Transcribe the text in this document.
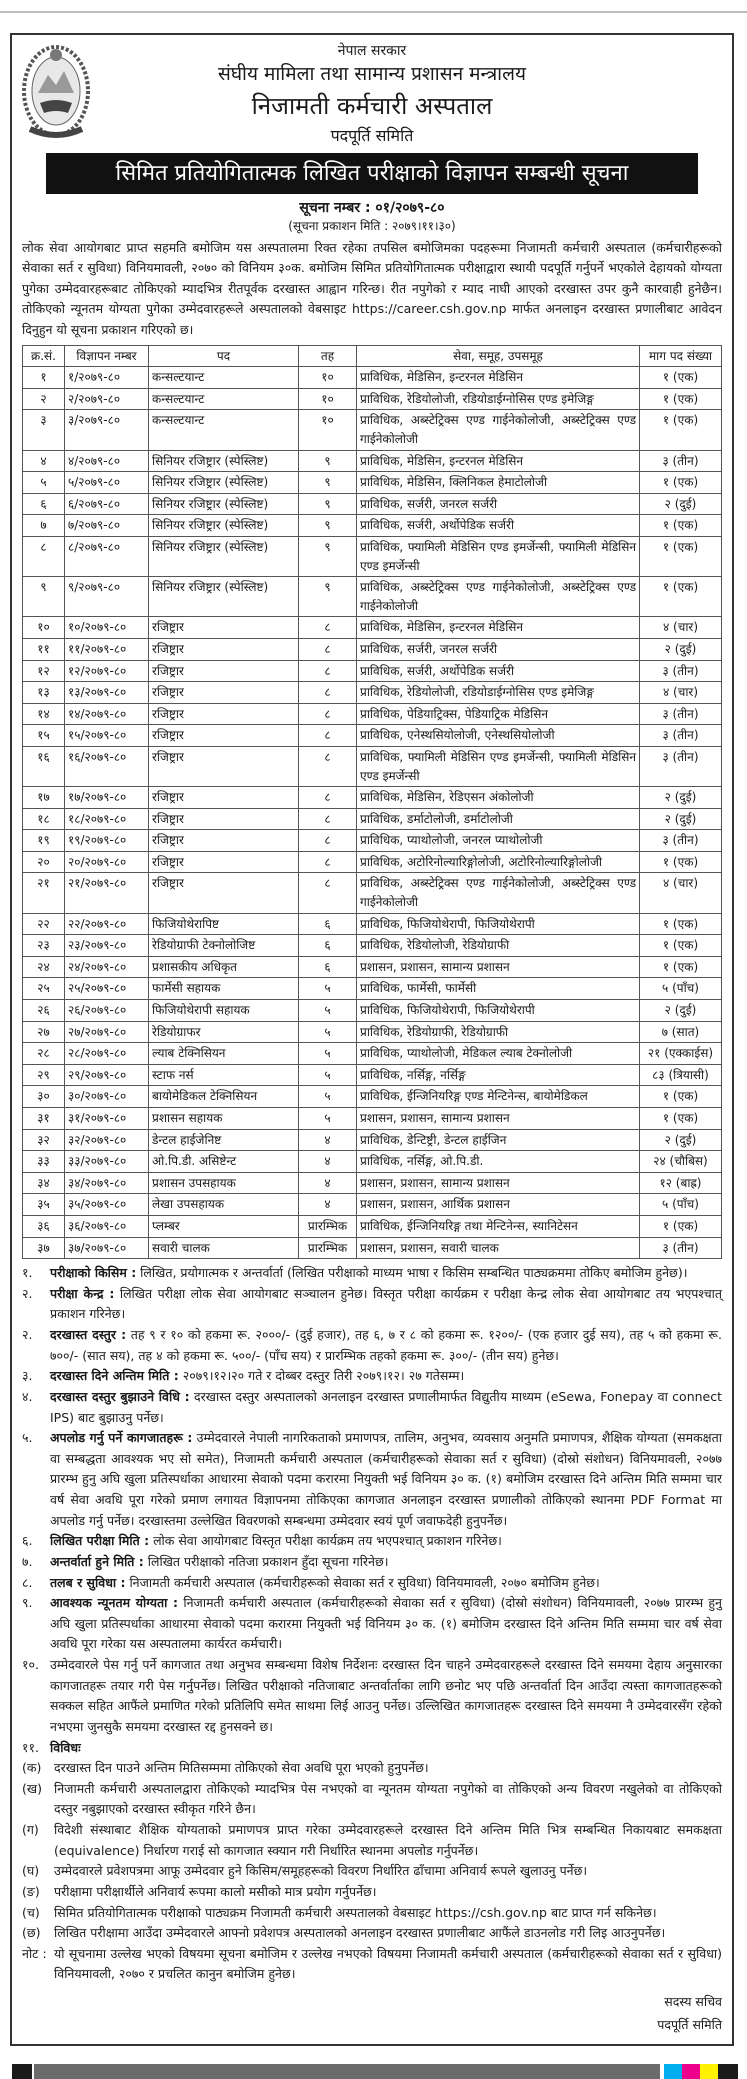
नेपाल सरकार
संघीय मामिला तथा सामान्य प्रशासन मन्त्रालय
निजामती कर्मचारी अस्पताल
पदपूर्ति समिति
सिमित प्रतियोगितात्मक लिखित परीक्षाको विज्ञापन सम्बन्धी सूचना
सूचना नम्बर : ०१/२०७९-८०
(सूचना प्रकाशन मिति : २०७९।११।३०)
लोक सेवा आयोगबाट प्राप्त सहमति बमोजिम यस अस्पतालमा रिक्त रहेका तपसिल बमोजिमका पदहरूमा निजामती कर्मचारी अस्पताल (कर्मचारीहरूको सेवाका सर्त र सुविधा) विनियमावली, २०७० को विनियम ३०क. बमोजिम सिमित प्रतियोगितात्मक परीक्षाद्वारा स्थायी पदपूर्ति गर्नुपर्ने भएकोले देहायको योग्यता पुगेका उम्मेदवारहरूबाट तोकिएको म्यादभित्र रीतपूर्वक दरखास्त आह्वान गरिन्छ। रीत नपुगेको र म्याद नाघी आएको दरखास्त उपर कुनै कारवाही हुनेछैन। तोकिएको न्यूनतम योग्यता पुगेका उम्मेदवारहरूले अस्पतालको वेबसाइट https://career.csh.gov.np मार्फत अनलाइन दरखास्त प्रणालीबाट आवेदन दिनुहुन यो सूचना प्रकाशन गरिएको छ।
क्र.सं.	विज्ञापन नम्बर	पद	तह	सेवा, समूह, उपसमूह	माग पद संख्या
१	१/२०७९-८०	कन्सल्टयान्ट	१०	प्राविधिक, मेडिसिन, इन्टरनल मेडिसिन	१ (एक)
२	२/२०७९-८०	कन्सल्टयान्ट	१०	प्राविधिक, रेडियोलोजी, रडियोडाईग्नोसिस एण्ड इमेजिङ्ग	१ (एक)
३	३/२०७९-८०	कन्सल्टयान्ट	१०	प्राविधिक, अब्स्टेट्रिक्स एण्ड गाईनेकोलोजी, अब्स्टेट्रिक्स एण्ड गाईनेकोलोजी	१ (एक)
४	४/२०७९-८०	सिनियर रजिष्ट्रार (स्पेस्लिष्ट)	९	प्राविधिक, मेडिसिन, इन्टरनल मेडिसिन	३ (तीन)
५	५/२०७९-८०	सिनियर रजिष्ट्रार (स्पेस्लिष्ट)	९	प्राविधिक, मेडिसिन, क्लिनिकल हेमाटोलोजी	१ (एक)
६	६/२०७९-८०	सिनियर रजिष्ट्रार (स्पेस्लिष्ट)	९	प्राविधिक, सर्जरी, जनरल सर्जरी	२ (दुई)
७	७/२०७९-८०	सिनियर रजिष्ट्रार (स्पेस्लिष्ट)	९	प्राविधिक, सर्जरी, अर्थोपेडिक सर्जरी	१ (एक)
८	८/२०७९-८०	सिनियर रजिष्ट्रार (स्पेस्लिष्ट)	९	प्राविधिक, फ्यामिली मेडिसिन एण्ड इमर्जेन्सी, फ्यामिली मेडिसिन एण्ड इमर्जेन्सी	१ (एक)
९	९/२०७९-८०	सिनियर रजिष्ट्रार (स्पेस्लिष्ट)	९	प्राविधिक, अब्स्टेट्रिक्स एण्ड गाईनेकोलोजी, अब्स्टेट्रिक्स एण्ड गाईनेकोलोजी	१ (एक)
१०	१०/२०७९-८०	रजिष्ट्रार	८	प्राविधिक, मेडिसिन, इन्टरनल मेडिसिन	४ (चार)
११	११/२०७९-८०	रजिष्ट्रार	८	प्राविधिक, सर्जरी, जनरल सर्जरी	२ (दुई)
१२	१२/२०७९-८०	रजिष्ट्रार	८	प्राविधिक, सर्जरी, अर्थोपेडिक सर्जरी	३ (तीन)
१३	१३/२०७९-८०	रजिष्ट्रार	८	प्राविधिक, रेडियोलोजी, रडियोडाईग्नोसिस एण्ड इमेजिङ्ग	४ (चार)
१४	१४/२०७९-८०	रजिष्ट्रार	८	प्राविधिक, पेडियाट्रिक्स, पेडियाट्रिक मेडिसिन	३ (तीन)
१५	१५/२०७९-८०	रजिष्ट्रार	८	प्राविधिक, एनेस्थसियोलोजी, एनेस्थसियोलोजी	३ (तीन)
१६	१६/२०७९-८०	रजिष्ट्रार	८	प्राविधिक, फ्यामिली मेडिसिन एण्ड इमर्जेन्सी, फ्यामिली मेडिसिन एण्ड इमर्जेन्सी	३ (तीन)
१७	१७/२०७९-८०	रजिष्ट्रार	८	प्राविधिक, मेडिसिन, रेडिएसन अंकोलोजी	२ (दुई)
१८	१८/२०७९-८०	रजिष्ट्रार	८	प्राविधिक, डर्माटोलोजी, डर्माटोलोजी	२ (दुई)
१९	१९/२०७९-८०	रजिष्ट्रार	८	प्राविधिक, प्याथोलोजी, जनरल प्याथोलोजी	३ (तीन)
२०	२०/२०७९-८०	रजिष्ट्रार	८	प्राविधिक, अटोरिनोल्यारिङ्गोलोजी, अटोरिनोल्यारिङ्गोलोजी	१ (एक)
२१	२१/२०७९-८०	रजिष्ट्रार	८	प्राविधिक, अब्स्टेट्रिक्स एण्ड गाईनेकोलोजी, अब्स्टेट्रिक्स एण्ड गाईनेकोलोजी	४ (चार)
२२	२२/२०७९-८०	फिजियोथेरापिष्ट	६	प्राविधिक, फिजियोथेरापी, फिजियोथेरापी	१ (एक)
२३	२३/२०७९-८०	रेडियोग्राफी टेक्नोलोजिष्ट	६	प्राविधिक, रेडियोलोजी, रेडियोग्राफी	१ (एक)
२४	२४/२०७९-८०	प्रशासकीय अधिकृत	६	प्रशासन, प्रशासन, सामान्य प्रशासन	१ (एक)
२५	२५/२०७९-८०	फार्मेसी सहायक	५	प्राविधिक, फार्मेसी, फार्मेसी	५ (पाँच)
२६	२६/२०७९-८०	फिजियोथेरापी सहायक	५	प्राविधिक, फिजियोथेरापी, फिजियोथेरापी	२ (दुई)
२७	२७/२०७९-८०	रेडियोग्राफर	५	प्राविधिक, रेडियोग्राफी, रेडियोग्राफी	७ (सात)
२८	२८/२०७९-८०	ल्याब टेक्निसियन	५	प्राविधिक, प्याथोलोजी, मेडिकल ल्याब टेक्नोलोजी	२१ (एक्काईस)
२९	२९/२०७९-८०	स्टाफ नर्स	५	प्राविधिक, नर्सिङ्ग, नर्सिङ्ग	८३ (त्रियासी)
३०	३०/२०७९-८०	बायोमेडिकल टेक्निसियन	५	प्राविधिक, ईन्जिनियरिङ्ग एण्ड मेन्टिनेन्स, बायोमेडिकल	१ (एक)
३१	३१/२०७९-८०	प्रशासन सहायक	५	प्रशासन, प्रशासन, सामान्य प्रशासन	१ (एक)
३२	३२/२०७९-८०	डेन्टल हाईजेनिष्ट	४	प्राविधिक, डेन्टिष्ट्री, डेन्टल हाईजिन	२ (दुई)
३३	३३/२०७९-८०	ओ.पि.डी. असिष्टेन्ट	४	प्राविधिक, नर्सिङ्ग, ओ.पि.डी.	२४ (चौबिस)
३४	३४/२०७९-८०	प्रशासन उपसहायक	४	प्रशासन, प्रशासन, सामान्य प्रशासन	१२ (बाह्र)
३५	३५/२०७९-८०	लेखा उपसहायक	४	प्रशासन, प्रशासन, आर्थिक प्रशासन	५ (पाँच)
३६	३६/२०७९-८०	प्लम्बर	प्रारम्भिक	प्राविधिक, ईन्जिनियरिङ्ग तथा मेन्टिनेन्स, स्यानिटेसन	१ (एक)
३७	३७/२०७९-८०	सवारी चालक	प्रारम्भिक	प्रशासन, प्रशासन, सवारी चालक	३ (तीन)
१.	परीक्षाको किसिम : लिखित, प्रयोगात्मक र अन्तर्वार्ता (लिखित परीक्षाको माध्यम भाषा र किसिम सम्बन्धित पाठ्यक्रममा तोकिए बमोजिम हुनेछ)।
२.	परीक्षा केन्द्र : लिखित परीक्षा लोक सेवा आयोगबाट सञ्चालन हुनेछ। विस्तृत परीक्षा कार्यक्रम र परीक्षा केन्द्र लोक सेवा आयोगबाट तय भएपश्चात् प्रकाशन गरिनेछ।
२.	दरखास्त दस्तुर : तह ९ र १० को हकमा रू. २०००/- (दुई हजार), तह ६, ७ र ८ को हकमा रू. १२००/- (एक हजार दुई सय), तह ५ को हकमा रू. ७००/- (सात सय), तह ४ को हकमा रू. ५००/- (पाँच सय) र प्रारम्भिक तहको हकमा रू. ३००/- (तीन सय) हुनेछ।
३.	दरखास्त दिने अन्तिम मिति : २०७९।१२।२० गते र दोब्बर दस्तुर तिरी २०७९।१२। २७ गतेसम्म।
४.	दरखास्त दस्तुर बुझाउने विधि : दरखास्त दस्तुर अस्पतालको अनलाइन दरखास्त प्रणालीमार्फत विद्युतीय माध्यम (eSewa, Fonepay वा connect IPS) बाट बुझाउनु पर्नेछ।
५.	अपलोड गर्नु पर्ने कागजातहरू : उम्मेदवारले नेपाली नागरिकताको प्रमाणपत्र, तालिम, अनुभव, व्यवसाय अनुमति प्रमाणपत्र, शैक्षिक योग्यता (समकक्षता वा सम्बद्धता आवश्यक भए सो समेत), निजामती कर्मचारी अस्पताल (कर्मचारीहरूको सेवाका सर्त र सुविधा) (दोस्रो संशोधन) विनियमावली, २०७७ प्रारम्भ हुनु अघि खुला प्रतिस्पर्धाका आधारमा सेवाको पदमा करारमा नियुक्ती भई विनियम ३० क. (१) बमोजिम दरखास्त दिने अन्तिम मिति सम्ममा चार वर्ष सेवा अवधि पूरा गरेको प्रमाण लगायत विज्ञापनमा तोकिएका कागजात अनलाइन दरखास्त प्रणालीको तोकिएको स्थानमा PDF Format मा अपलोड गर्नु पर्नेछ। दरखास्तमा उल्लेखित विवरणको सम्बन्धमा उम्मेदवार स्वयं पूर्ण जवाफदेही हुनुपर्नेछ।
६.	लिखित परीक्षा मिति : लोक सेवा आयोगबाट विस्तृत परीक्षा कार्यक्रम तय भएपश्चात् प्रकाशन गरिनेछ।
७.	अन्तर्वार्ता हुने मिति : लिखित परीक्षाको नतिजा प्रकाशन हुँदा सूचना गरिनेछ।
८.	तलब र सुविधा : निजामती कर्मचारी अस्पताल (कर्मचारीहरूको सेवाका सर्त र सुविधा) विनियमावली, २०७० बमोजिम हुनेछ।
९.	आवश्यक न्यूनतम योग्यता : निजामती कर्मचारी अस्पताल (कर्मचारीहरूको सेवाका सर्त र सुविधा) (दोस्रो संशोधन) विनियमावली, २०७७ प्रारम्भ हुनु अघि खुला प्रतिस्पर्धाका आधारमा सेवाको पदमा करारमा नियुक्ती भई विनियम ३० क. (१) बमोजिम दरखास्त दिने अन्तिम मिति सम्ममा चार वर्ष सेवा अवधि पूरा गरेका यस अस्पतालमा कार्यरत कर्मचारी।
१०. उम्मेदवारले पेस गर्नु पर्ने कागजात तथा अनुभव सम्बन्धमा विशेष निर्देशनः दरखास्त दिन चाहने उम्मेदवारहरूले दरखास्त दिने समयमा देहाय अनुसारका कागजातहरू तयार गरी पेस गर्नुपर्नेछ। लिखित परीक्षाको नतिजाबाट अन्तर्वार्ताका लागि छनोट भए पछि अन्तर्वार्ता दिन आउँदा त्यस्ता कागजातहरूको सक्कल सहित आफैंले प्रमाणित गरेको प्रतिलिपि समेत साथमा लिई आउनु पर्नेछ। उल्लिखित कागजातहरू दरखास्त दिने समयमा नै उम्मेदवारसँग रहेको नभएमा जुनसुकै समयमा दरखास्त रद्द हुनसक्ने छ।
११. विविधः
(क)	दरखास्त दिन पाउने अन्तिम मितिसम्ममा तोकिएको सेवा अवधि पूरा भएको हुनुपर्नेछ।
(ख) निजामती कर्मचारी अस्पतालद्वारा तोकिएको म्यादभित्र पेस नभएको वा न्यूनतम योग्यता नपुगेको वा तोकिएको अन्य विवरण नखुलेको वा तोकिएको दस्तुर नबुझाएको दरखास्त स्वीकृत गरिने छैन।
(ग)	विदेशी संस्थाबाट शैक्षिक योग्यताको प्रमाणपत्र प्राप्त गरेका उम्मेदवारहरूले दरखास्त दिने अन्तिम मिति भित्र सम्बन्धित निकायबाट समकक्षता (equivalence) निर्धारण गराई सो कागजात स्क्यान गरी निर्धारित स्थानमा अपलोड गर्नुपर्नेछ।
(घ)	उम्मेदवारले प्रवेशपत्रमा आफू उम्मेदवार हुने किसिम/समूहहरूको विवरण निर्धारित ढाँचामा अनिवार्य रूपले खुलाउनु पर्नेछ।
(ङ)	परीक्षामा परीक्षार्थीले अनिवार्य रूपमा कालो मसीको मात्र प्रयोग गर्नुपर्नेछ।
(च)	सिमित प्रतियोगितात्मक परीक्षाको पाठ्यक्रम निजामती कर्मचारी अस्पतालको वेबसाइट https://csh.gov.np बाट प्राप्त गर्न सकिनेछ।
(छ)	लिखित परीक्षामा आउँदा उम्मेदवारले आफ्नो प्रवेशपत्र अस्पतालको अनलाइन दरखास्त प्रणालीबाट आफैंले डाउनलोड गरी लिइ आउनुपर्नेछ।
नोट : यो सूचनामा उल्लेख भएको विषयमा सूचना बमोजिम र उल्लेख नभएको विषयमा निजामती कर्मचारी अस्पताल (कर्मचारीहरूको सेवाका सर्त र सुविधा) विनियमावली, २०७० र प्रचलित कानुन बमोजिम हुनेछ।
सदस्य सचिव
पदपूर्ति समिति
